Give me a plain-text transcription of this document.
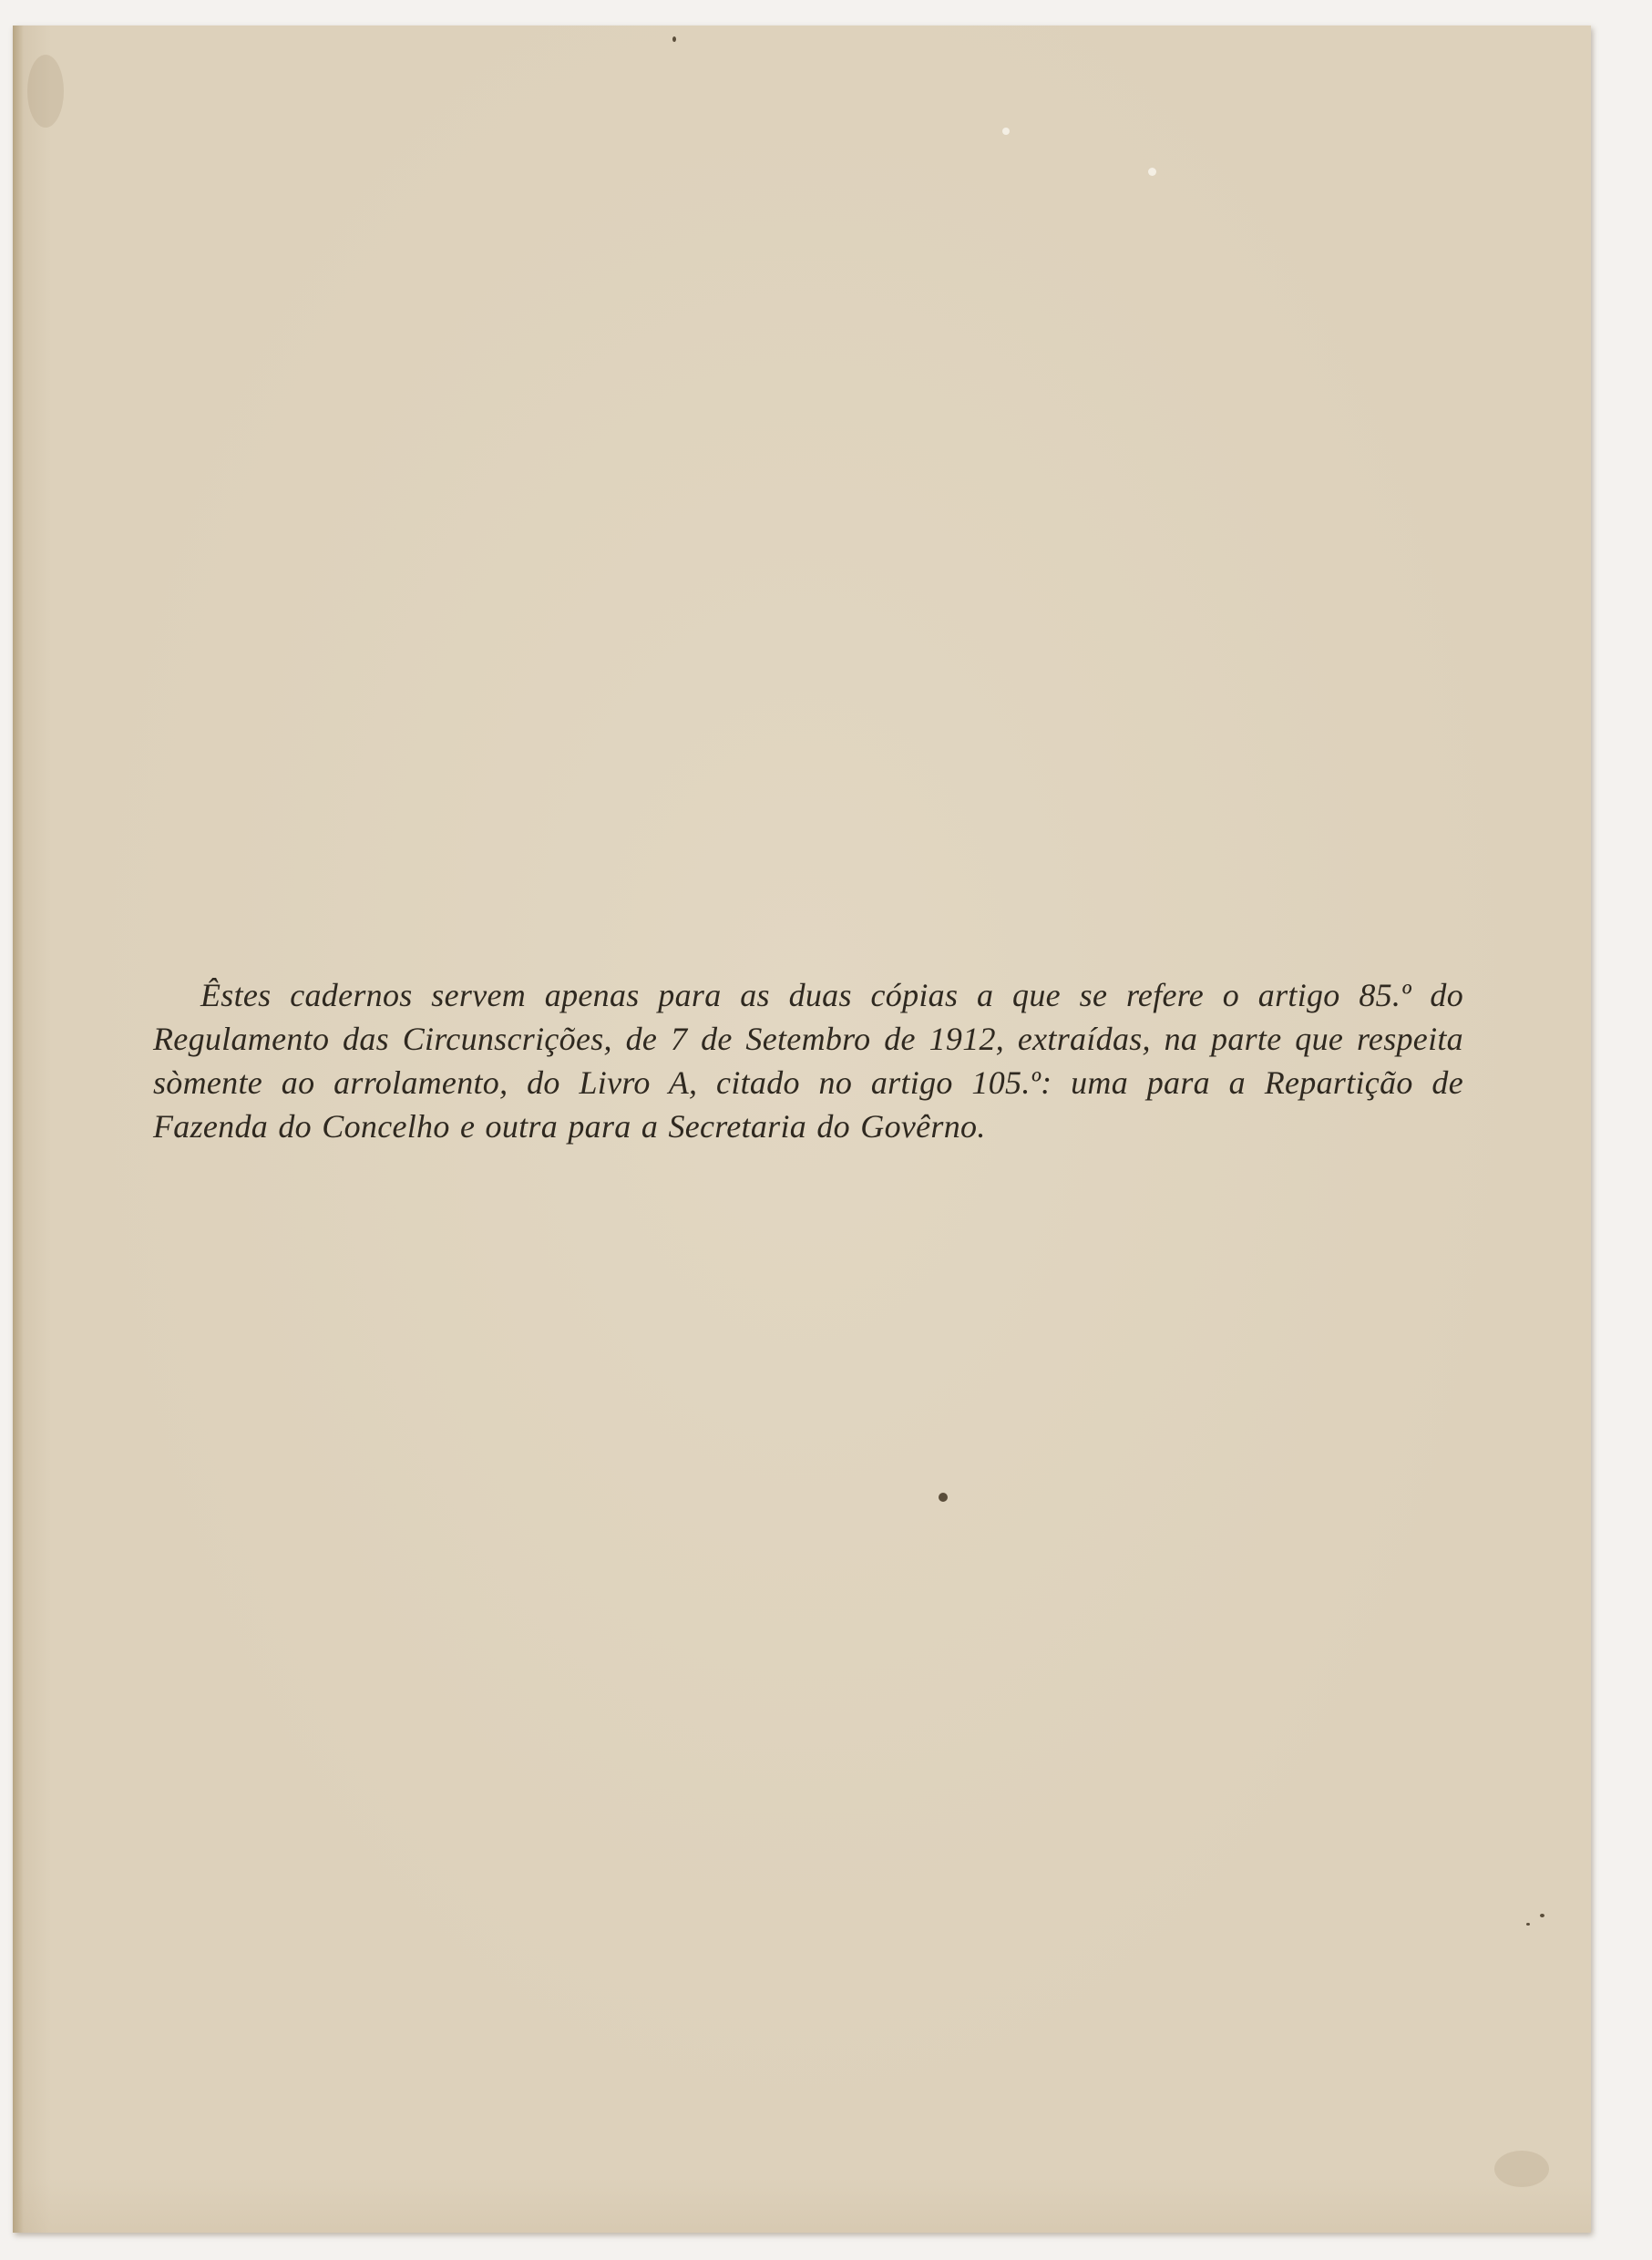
Êstes cadernos servem apenas para as duas cópias a que se refere o artigo 85.º do Regulamento das Circunscrições, de 7 de Setembro de 1912, extraídas, na parte que respeita sòmente ao arrolamento, do Livro A, citado no artigo 105.º: uma para a Repartição de Fazenda do Concelho e outra para a Secretaria do Govêrno.
